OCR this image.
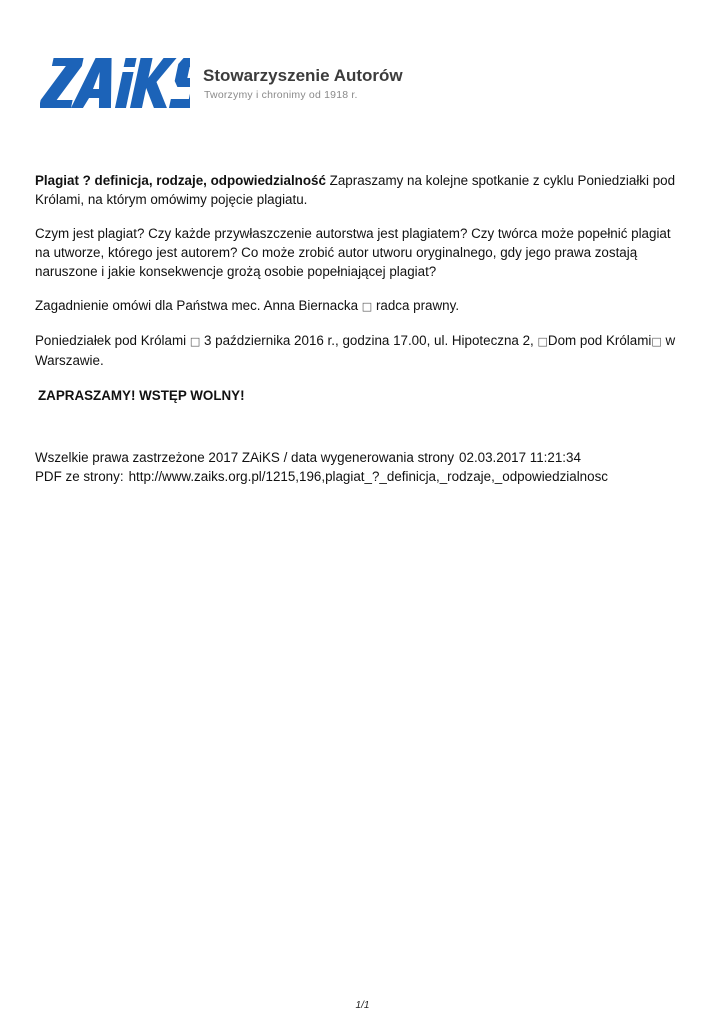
Stowarzyszenie Autorów
Tworzymy i chronimy od 1918 r.

Plagiat ? definicja, rodzaje, odpowiedzialność Zapraszamy na kolejne spotkanie z cyklu Poniedziałki pod Królami, na którym omówimy pojęcie plagiatu.

Czym jest plagiat? Czy każde przywłaszczenie autorstwa jest plagiatem? Czy twórca może popełnić plagiat na utworze, którego jest autorem? Co może zrobić autor utworu oryginalnego, gdy jego prawa zostają naruszone i jakie konsekwencje grożą osobie popełniającej plagiat?

Zagadnienie omówi dla Państwa mec. Anna Biernacka □ radca prawny.

Poniedziałek pod Królami □ 3 października 2016 r., godzina 17.00, ul. Hipoteczna 2, □Dom pod Królami□ w Warszawie.

ZAPRASZAMY! WSTĘP WOLNY!

Wszelkie prawa zastrzeżone 2017 ZAiKS / data wygenerowania strony 02.03.2017 11:21:34
PDF ze strony: http://www.zaiks.org.pl/1215,196,plagiat_?_definicja,_rodzaje,_odpowiedzialnosc
1/1
